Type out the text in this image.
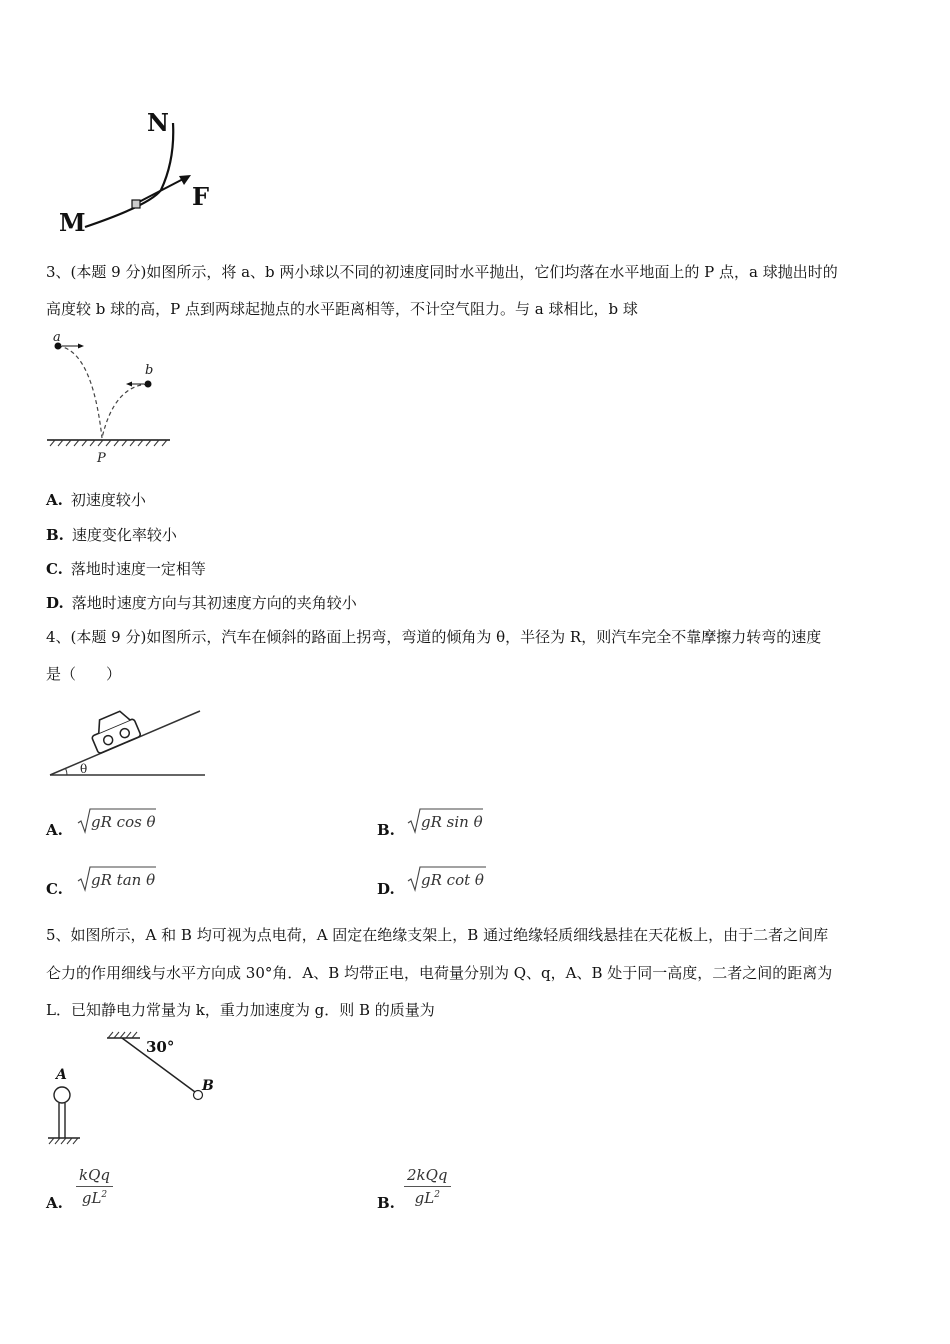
N
M
F
3、(本题 9 分)如图所示，将 a、b 两小球以不同的初速度同时水平抛出，它们均落在水平地面上的 P 点，a 球抛出时的
高度较 b 球的高，P 点到两球起抛点的水平距离相等，不计空气阻力。与 a 球相比，b 球
a
b
P
A. 初速度较小
B. 速度变化率较小
C. 落地时速度一定相等
D. 落地时速度方向与其初速度方向的夹角较小
4、(本题 9 分)如图所示，汽车在倾斜的路面上拐弯，弯道的倾角为 θ，半径为 R，则汽车完全不靠摩擦力转弯的速度
是（　　）
θ
A.	gR cos θ	B.	gR sin θ
C.	gR tan θ	D.	gR cot θ
5、如图所示，A 和 B 均可视为点电荷，A 固定在绝缘支架上，B 通过绝缘轻质细线悬挂在天花板上，由于二者之间库
仑力的作用细线与水平方向成 30°角．A、B 均带正电，电荷量分别为 Q、q，A、B 处于同一高度，二者之间的距离为
L．已知静电力常量为 k，重力加速度为 g．则 B 的质量为
30°
B
A
A.
kQq
$gL^2$	B.
2kQq
$gL^2$
